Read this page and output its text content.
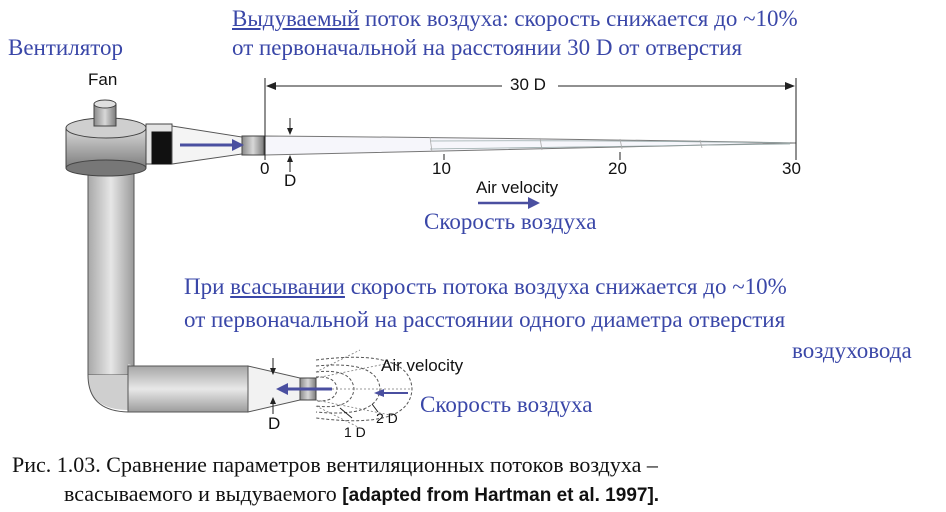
Выдуваемый поток воздуха: скорость снижается до ~10%
от первоначальной на расстоянии 30 D от отверстия
Вентилятор
Fan	30 D
0	10	20	30
D	Air velocity
Скорость воздуха
При всасывании скорость потока воздуха снижается до ~10%
от первоначальной на расстоянии одного диаметра отверстия
воздуховода
Air velocity
Скорость воздуха
1 D
2 D
D
Рис. 1.03. Сравнение параметров вентиляционных потоков воздуха –
всасываемого и выдуваемого [adapted from Hartman et al. 1997].
